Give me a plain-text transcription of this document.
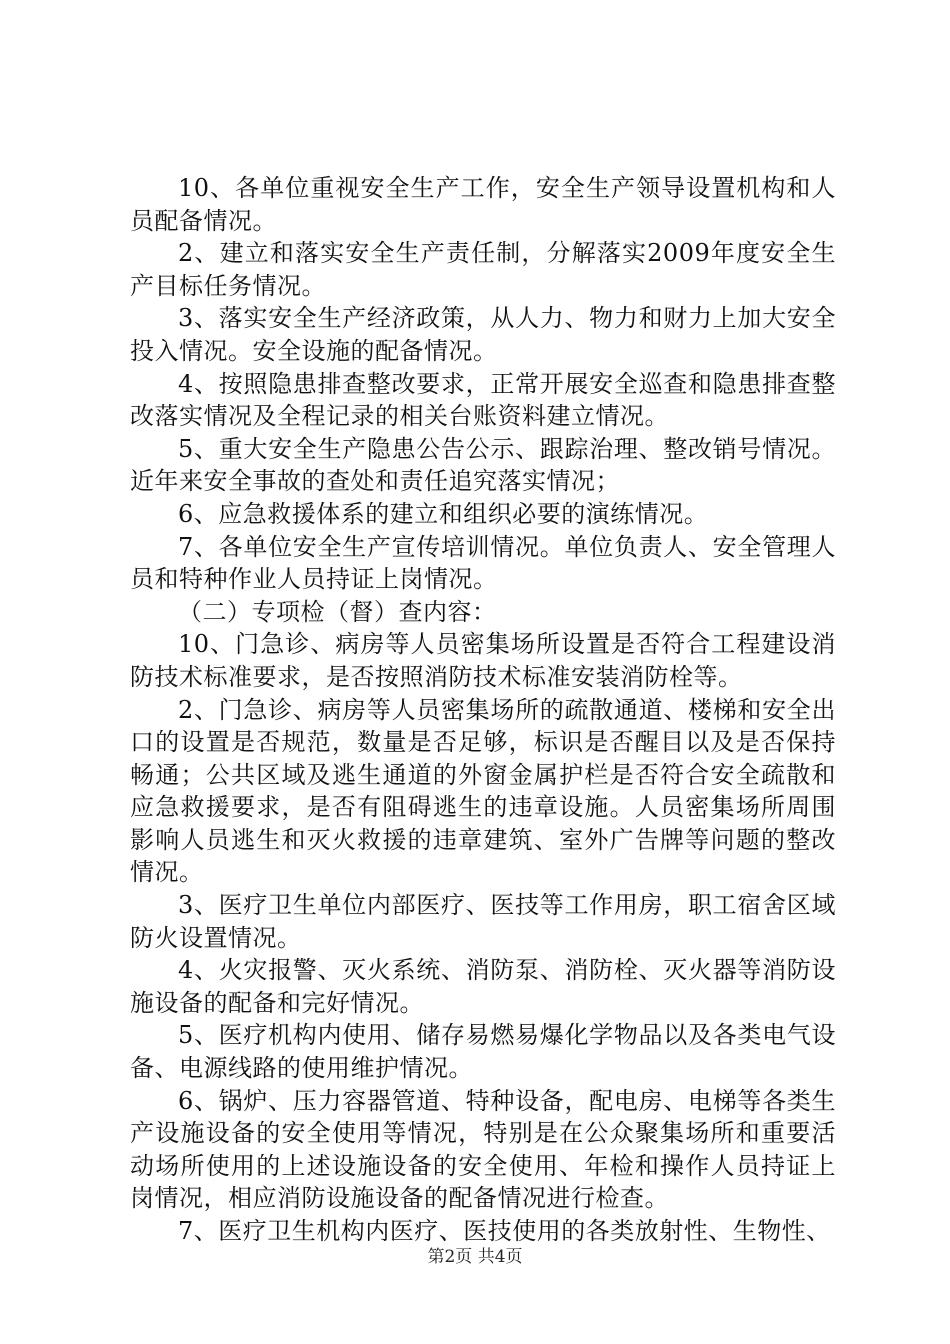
10、各单位重视安全生产工作，安全生产领导设置机构和人员配备情况。

2、建立和落实安全生产责任制，分解落实2009年度安全生产目标任务情况。

3、落实安全生产经济政策，从人力、物力和财力上加大安全投入情况。安全设施的配备情况。

4、按照隐患排查整改要求，正常开展安全巡查和隐患排查整改落实情况及全程记录的相关台账资料建立情况。

5、重大安全生产隐患公告公示、跟踪治理、整改销号情况。近年来安全事故的查处和责任追究落实情况；

6、应急救援体系的建立和组织必要的演练情况。

7、各单位安全生产宣传培训情况。单位负责人、安全管理人员和特种作业人员持证上岗情况。

（二）专项检（督）查内容：

10、门急诊、病房等人员密集场所设置是否符合工程建设消防技术标准要求，是否按照消防技术标准安装消防栓等。

2、门急诊、病房等人员密集场所的疏散通道、楼梯和安全出口的设置是否规范，数量是否足够，标识是否醒目以及是否保持畅通；公共区域及逃生通道的外窗金属护栏是否符合安全疏散和应急救援要求，是否有阻碍逃生的违章设施。人员密集场所周围影响人员逃生和灭火救援的违章建筑、室外广告牌等问题的整改情况。

3、医疗卫生单位内部医疗、医技等工作用房，职工宿舍区域防火设置情况。

4、火灾报警、灭火系统、消防泵、消防栓、灭火器等消防设施设备的配备和完好情况。

5、医疗机构内使用、储存易燃易爆化学物品以及各类电气设备、电源线路的使用维护情况。

6、锅炉、压力容器管道、特种设备，配电房、电梯等各类生产设施设备的安全使用等情况，特别是在公众聚集场所和重要活动场所使用的上述设施设备的安全使用、年检和操作人员持证上岗情况，相应消防设施设备的配备情况进行检查。

7、医疗卫生机构内医疗、医技使用的各类放射性、生物性、

第2页 共4页
